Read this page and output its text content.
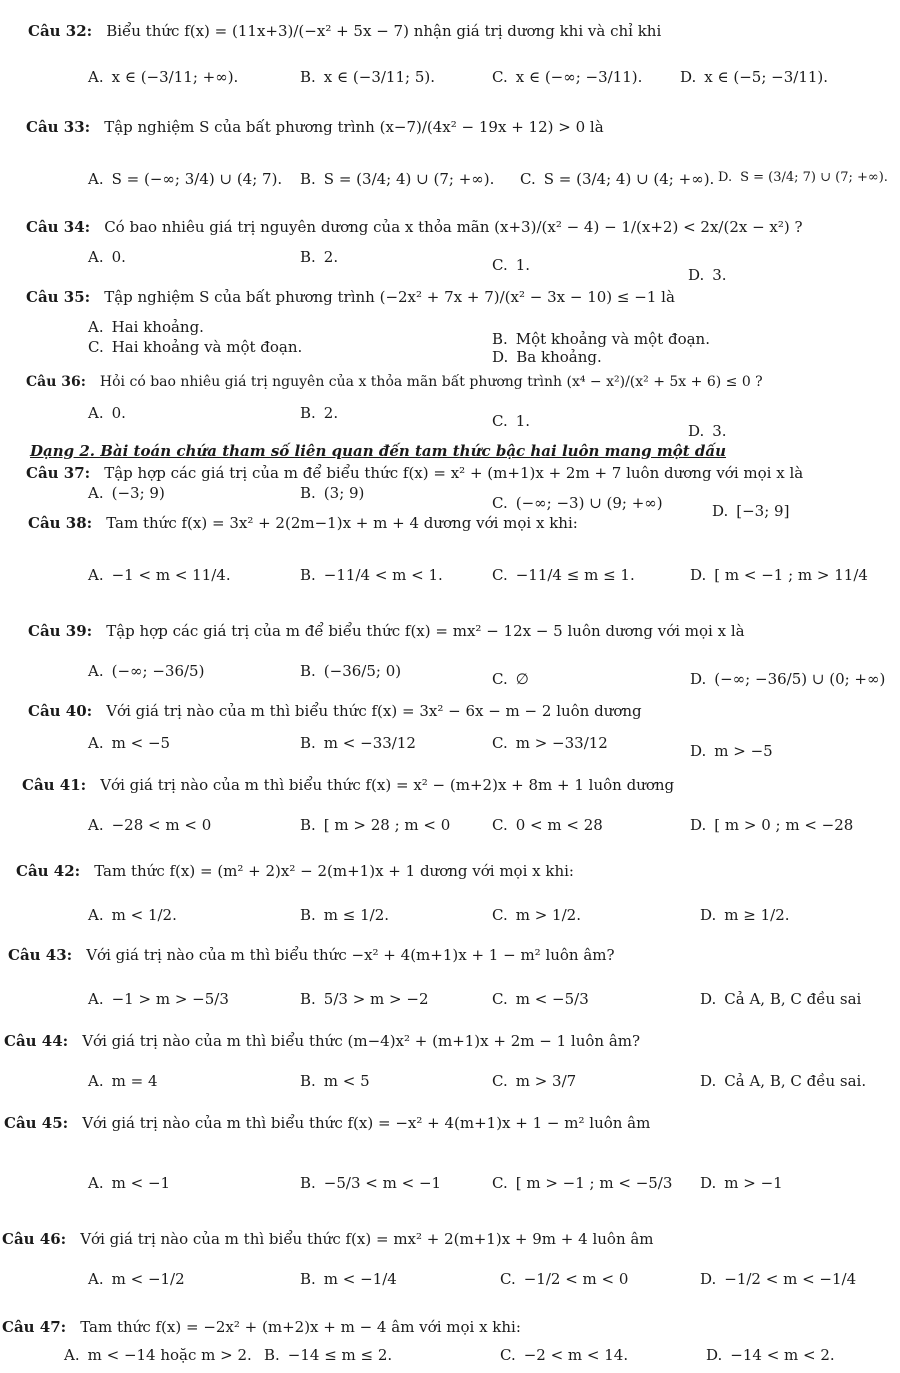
Câu 32: Biểu thức f(x) = (11x+3)/(−x² + 5x − 7) nhận giá trị dương khi và chỉ khi
A. x ∈ (−3/11; +∞).	B. x ∈ (−3/11; 5).	C. x ∈ (−∞; −3/11).	D. x ∈ (−5; −3/11).
Câu 33: Tập nghiệm S của bất phương trình (x−7)/(4x² − 19x + 12) > 0 là
A. S = (−∞; 3/4) ∪ (4; 7). B. S = (3/4; 4) ∪ (7; +∞). C. S = (3/4; 4) ∪ (4; +∞). D. S = (3/4; 7) ∪ (7; +∞).
Câu 34: Có bao nhiêu giá trị nguyên dương của x thỏa mãn (x+3)/(x² − 4) − 1/(x+2) < 2x/(2x − x²) ?
A. 0.	B. 2.	C. 1.
D. 3.
Câu 35: Tập nghiệm S của bất phương trình (−2x² + 7x + 7)/(x² − 3x − 10) ≤ −1 là
A. Hai khoảng.
C. Hai khoảng và một đoạn.	B. Một khoảng và một đoạn.
D. Ba khoảng.
Câu 36: Hỏi có bao nhiêu giá trị nguyên của x thỏa mãn bất phương trình (x⁴ − x²)/(x² + 5x + 6) ≤ 0 ?
A. 0.	B. 2.	C. 1.
D. 3.
Dạng 2. Bài toán chứa tham số liên quan đến tam thức bậc hai luôn mang một dấu
Câu 37: Tập hợp các giá trị của m để biểu thức f(x) = x² + (m+1)x + 2m + 7 luôn dương với mọi x là
A. (−3; 9)	B. (3; 9)
C. (−∞; −3) ∪ (9; +∞)	D. [−3; 9]
Câu 38: Tam thức f(x) = 3x² + 2(2m−1)x + m + 4 dương với mọi x khi:
A. −1 < m < 11/4.	B. −11/4 < m < 1.	C. −11/4 ≤ m ≤ 1.	D. [ m < −1 ; m > 11/4
Câu 39: Tập hợp các giá trị của m để biểu thức f(x) = mx² − 12x − 5 luôn dương với mọi x là
A. (−∞; −36/5)	B. (−36/5; 0)	C. ∅	D. (−∞; −36/5) ∪ (0; +∞)
Câu 40: Với giá trị nào của m thì biểu thức f(x) = 3x² − 6x − m − 2 luôn dương
A. m < −5	B. m < −33/12	C. m > −33/12	D. m > −5
Câu 41: Với giá trị nào của m thì biểu thức f(x) = x² − (m+2)x + 8m + 1 luôn dương
A. −28 < m < 0	B. [ m > 28 ; m < 0	C. 0 < m < 28	D. [ m > 0 ; m < −28
Câu 42: Tam thức f(x) = (m² + 2)x² − 2(m+1)x + 1 dương với mọi x khi:
A. m < 1/2.	B. m ≤ 1/2.	C. m > 1/2.	D. m ≥ 1/2.
Câu 43: Với giá trị nào của m thì biểu thức −x² + 4(m+1)x + 1 − m² luôn âm?
A. −1 > m > −5/3	B. 5/3 > m > −2	C. m < −5/3	D. Cả A, B, C đều sai
Câu 44: Với giá trị nào của m thì biểu thức (m−4)x² + (m+1)x + 2m − 1 luôn âm?
A. m = 4	B. m < 5	C. m > 3/7	D. Cả A, B, C đều sai.
Câu 45: Với giá trị nào của m thì biểu thức f(x) = −x² + 4(m+1)x + 1 − m² luôn âm
A. m < −1	B. −5/3 < m < −1	C. [ m > −1 ; m < −5/3 D. m > −1
Câu 46: Với giá trị nào của m thì biểu thức f(x) = mx² + 2(m+1)x + 9m + 4 luôn âm
A. m < −1/2	B. m < −1/4	C. −1/2 < m < 0	D. −1/2 < m < −1/4
Câu 47: Tam thức f(x) = −2x² + (m+2)x + m − 4 âm với mọi x khi:
A. m < −14 hoặc m > 2. B. −14 ≤ m ≤ 2.	C. −2 < m < 14.	D. −14 < m < 2.
